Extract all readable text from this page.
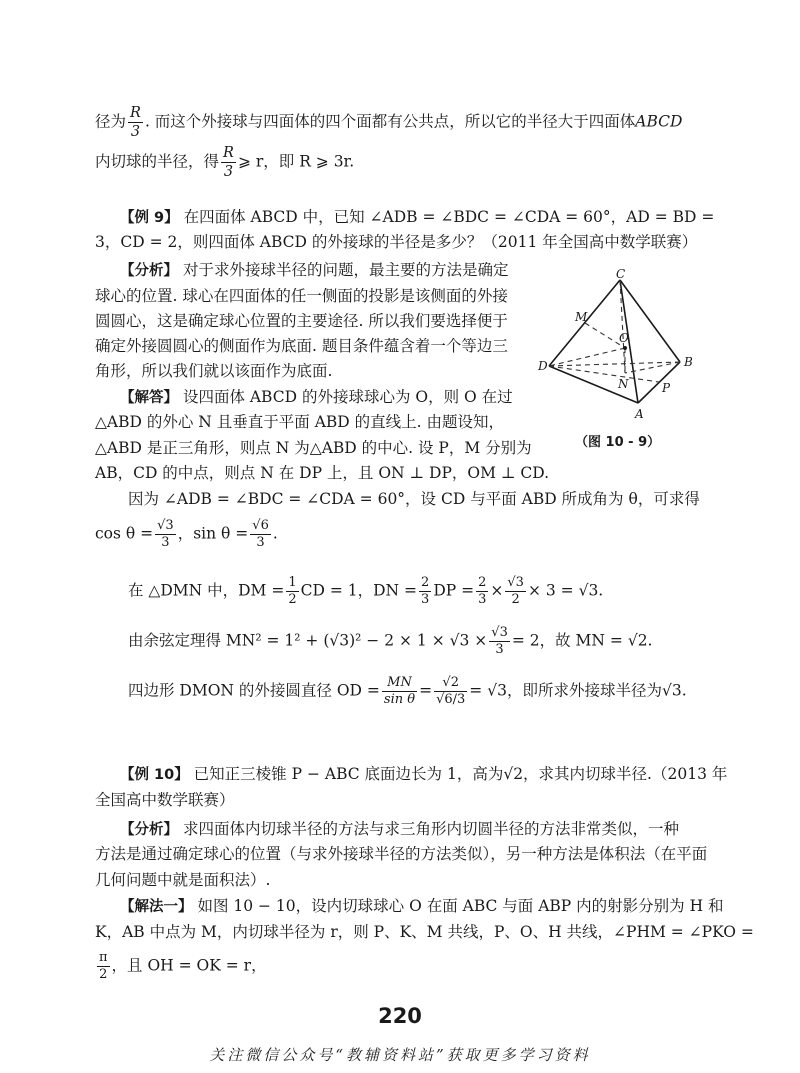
径为 $\frac{R}{3}$ . 而这个外接球与四面体的四个面都有公共点，所以它的半径大于四面体ABCD
内切球的半径，得 $\frac{R}{3}$ ⩾ r，即 R ⩾ 3r.
【例 9】 在四面体 ABCD 中，已知 ∠ADB = ∠BDC = ∠CDA = 60°，AD = BD =
3，CD = 2，则四面体 ABCD 的外接球的半径是多少？（2011 年全国高中数学联赛）
【分析】 对于求外接球半径的问题，最主要的方法是确定
球心的位置. 球心在四面体的任一侧面的投影是该侧面的外接
圆圆心，这是确定球心位置的主要途径. 所以我们要选择便于
确定外接圆圆心的侧面作为底面. 题目条件蕴含着一个等边三
角形，所以我们就以该面作为底面.
【解答】 设四面体 ABCD 的外接球球心为 O，则 O 在过
△ABD 的外心 N 且垂直于平面 ABD 的直线上. 由题设知，
△ABD 是正三角形，则点 N 为△ABD 的中心. 设 P，M 分别为
AB，CD 的中点，则点 N 在 DP 上，且 ON ⊥ DP，OM ⊥ CD.
C
M
O
D	B
N	P
A
（图 10 - 9）
因为 ∠ADB = ∠BDC = ∠CDA = 60°，设 CD 与平面 ABD 所成角为 θ，可求得
$\cos \theta = \frac{√3}{3}$ ，$\sin \theta = \frac{√6}{3}$ .
在 △DMN 中，DM = $\frac{1}{2}$ CD = 1，DN = $\frac{2}{3}$ DP = $\frac{2}{3} \times \frac{√3}{2} \times 3 = √3$.
由余弦定理得 $MN^2 = 1^2 + (√3)^2 - 2 \times 1 \times √3 \times \frac{√3}{3} = 2$，故 MN = √2.
四边形 DMON 的外接圆直径 OD = $\frac{MN}{\text{sin θ}} = \frac{√2}{√6/3} = √3$，即所求外接球半径为√3.
【例 10】 已知正三棱锥 P − ABC 底面边长为 1，高为√2，求其内切球半径.（2013 年
全国高中数学联赛）
【分析】 求四面体内切球半径的方法与求三角形内切圆半径的方法非常类似，一种
方法是通过确定球心的位置（与求外接球半径的方法类似），另一种方法是体积法（在平面
几何问题中就是面积法）.
【解法一】 如图 10 − 10，设内切球球心 O 在面 ABC 与面 ABP 内的射影分别为 H 和
K，AB 中点为 M，内切球半径为 r，则 P、K、M 共线，P、O、H 共线，∠PHM = ∠PKO =
$\frac{\pi}{2}$ ，且 OH = OK = r，
220
关注微信公众号“教辅资料站”获取更多学习资料
